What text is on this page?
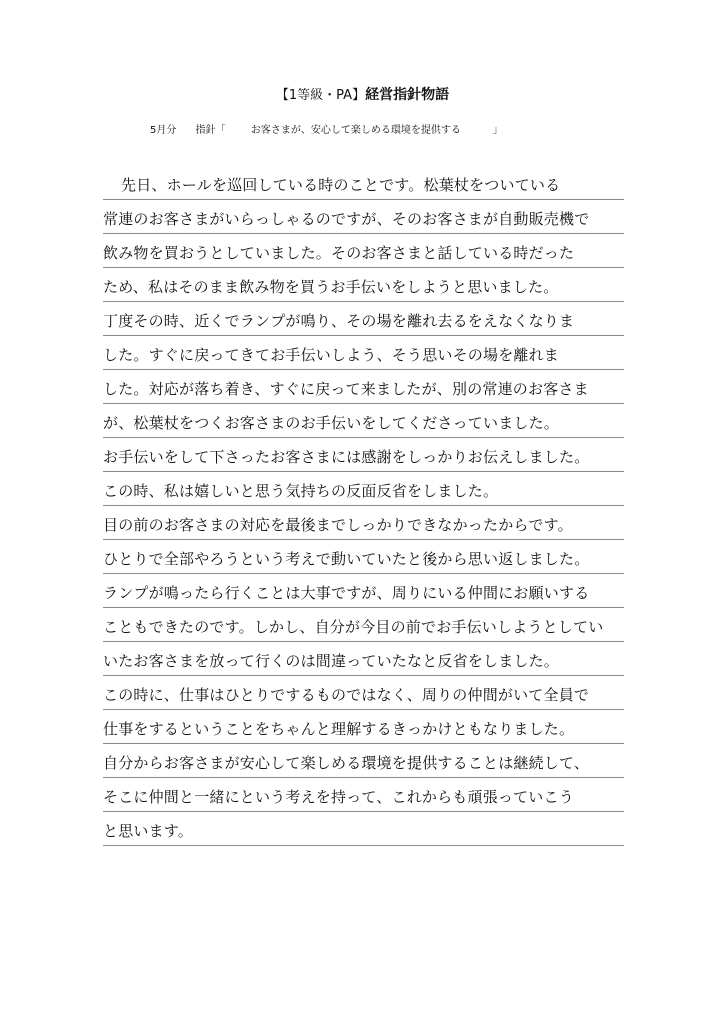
【1等級・PA】経営指針物語
5月分 指針「	お客さまが、安心して楽しめる環境を提供する	」
先日、ホールを巡回している時のことです。松葉杖をついている
常連のお客さまがいらっしゃるのですが、そのお客さまが自動販売機で
飲み物を買おうとしていました。そのお客さまと話している時だった
ため、私はそのまま飲み物を買うお手伝いをしようと思いました。
丁度その時、近くでランプが鳴り、その場を離れ去るをえなくなりま
した。すぐに戻ってきてお手伝いしよう、そう思いその場を離れま
した。対応が落ち着き、すぐに戻って来ましたが、別の常連のお客さま
が、松葉杖をつくお客さまのお手伝いをしてくださっていました。
お手伝いをして下さったお客さまには感謝をしっかりお伝えしました。
この時、私は嬉しいと思う気持ちの反面反省をしました。
目の前のお客さまの対応を最後までしっかりできなかったからです。
ひとりで全部やろうという考えで動いていたと後から思い返しました。
ランプが鳴ったら行くことは大事ですが、周りにいる仲間にお願いする
こともできたのです。しかし、自分が今目の前でお手伝いしようとしてい
いたお客さまを放って行くのは間違っていたなと反省をしました。
この時に、仕事はひとりでするものではなく、周りの仲間がいて全員で
仕事をするということをちゃんと理解するきっかけともなりました。
自分からお客さまが安心して楽しめる環境を提供することは継続して、
そこに仲間と一緒にという考えを持って、これからも頑張っていこう
と思います。
